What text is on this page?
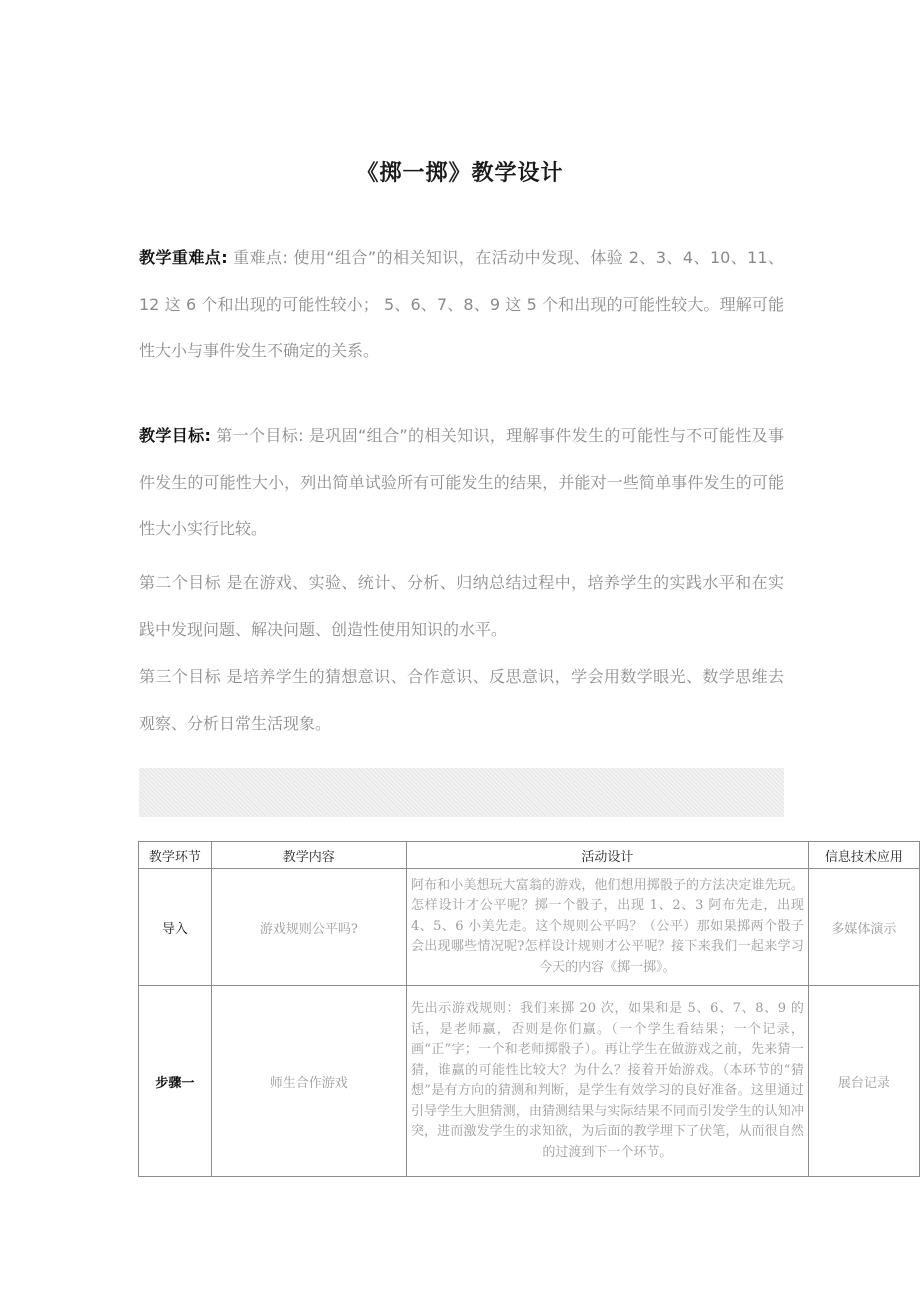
《掷一掷》教学设计

教学重难点: 重难点: 使用“组合”的相关知识，在活动中发现、体验 2、3、4、10、11、12 这 6 个和出现的可能性较小； 5、6、7、8、9 这 5 个和出现的可能性较大。理解可能性大小与事件发生不确定的关系。

教学目标: 第一个目标: 是巩固“组合”的相关知识，理解事件发生的可能性与不可能性及事件发生的可能性大小，列出简单试验所有可能发生的结果，并能对一些简单事件发生的可能性大小实行比较。

第二个目标 是在游戏、实验、统计、分析、归纳总结过程中，培养学生的实践水平和在实践中发现问题、解决问题、创造性使用知识的水平。

第三个目标 是培养学生的猜想意识、合作意识、反思意识，学会用数学眼光、数学思维去观察、分析日常生活现象。

教学环节	教学内容	活动设计	信息技术应用
导入	游戏规则公平吗?	阿布和小美想玩大富翁的游戏，他们想用掷骰子的方法决定谁先玩。怎样设计才公平呢？掷一个骰子，出现 1、2、3 阿布先走，出现 4、5、6 小美先走。这个规则公平吗？（公平）那如果掷两个骰子会出现哪些情况呢?怎样设计规则才公平呢？接下来我们一起来学习今天的内容《掷一掷》。	多媒体演示
步骤一	师生合作游戏	先出示游戏规则：我们来掷 20 次，如果和是 5、6、7、8、9 的话，是老师赢，否则是你们赢。（一个学生看结果；一个记录，画“正”字；一个和老师掷骰子）。再让学生在做游戏之前，先来猜一猜，谁赢的可能性比较大？为什么？接着开始游戏。（本环节的“猜想”是有方向的猜测和判断，是学生有效学习的良好准备。这里通过引导学生大胆猜测，由猜测结果与实际结果不同而引发学生的认知冲突，进而激发学生的求知欲，为后面的教学埋下了伏笔，从而很自然的过渡到下一个环节。	展台记录
